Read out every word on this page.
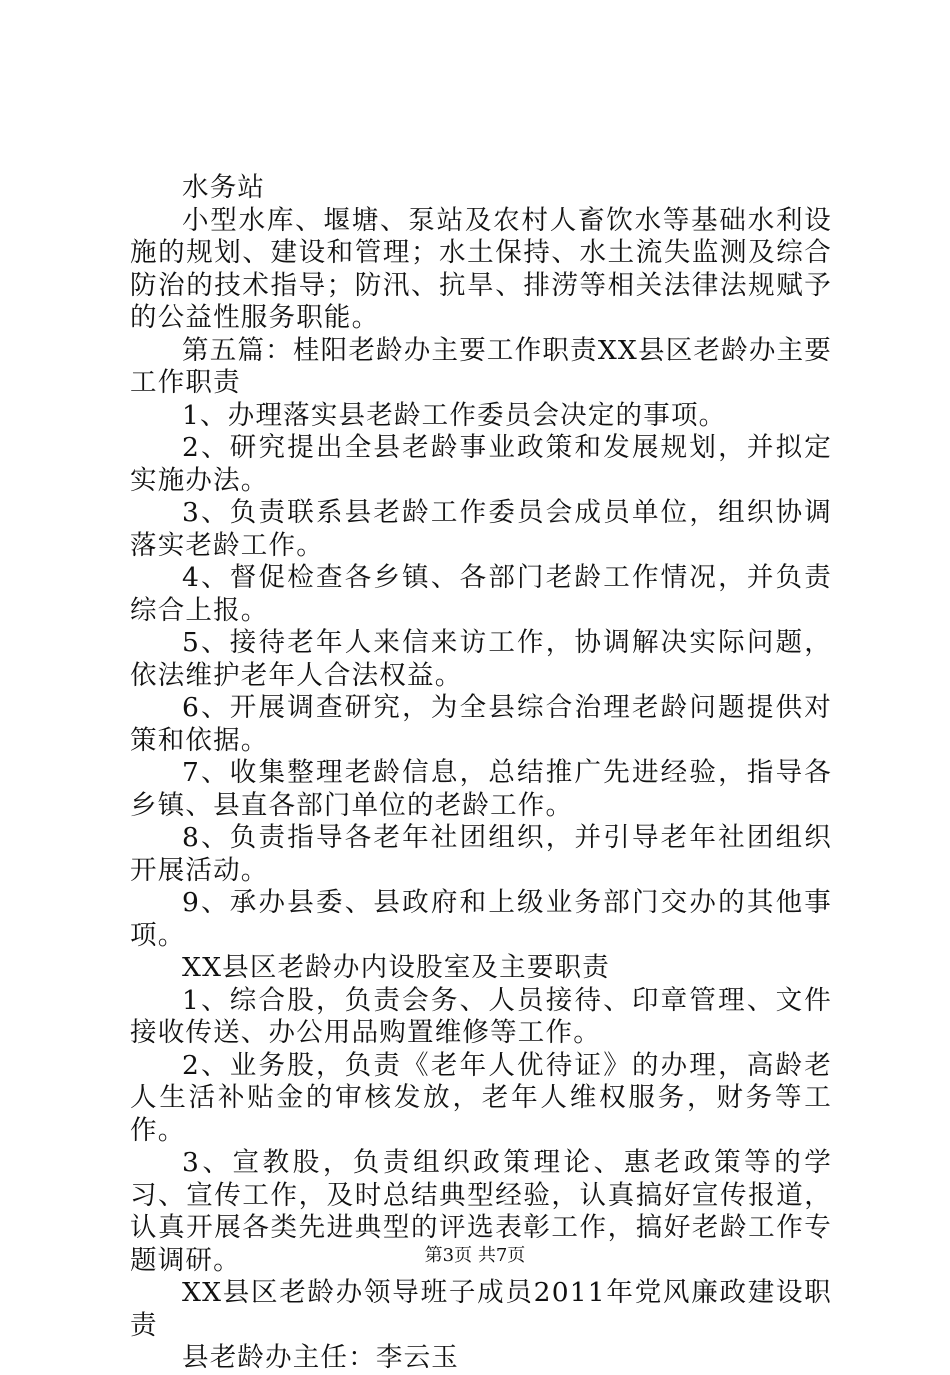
水务站

小型水库、堰塘、泵站及农村人畜饮水等基础水利设施的规划、建设和管理；水土保持、水土流失监测及综合防治的技术指导；防汛、抗旱、排涝等相关法律法规赋予的公益性服务职能。

第五篇：桂阳老龄办主要工作职责XX县区老龄办主要工作职责

1、办理落实县老龄工作委员会决定的事项。

2、研究提出全县老龄事业政策和发展规划，并拟定实施办法。

3、负责联系县老龄工作委员会成员单位，组织协调落实老龄工作。

4、督促检查各乡镇、各部门老龄工作情况，并负责综合上报。

5、接待老年人来信来访工作，协调解决实际问题，依法维护老年人合法权益。

6、开展调查研究，为全县综合治理老龄问题提供对策和依据。

7、收集整理老龄信息，总结推广先进经验，指导各乡镇、县直各部门单位的老龄工作。

8、负责指导各老年社团组织，并引导老年社团组织开展活动。

9、承办县委、县政府和上级业务部门交办的其他事项。

XX县区老龄办内设股室及主要职责

1、综合股，负责会务、人员接待、印章管理、文件接收传送、办公用品购置维修等工作。

2、业务股，负责《老年人优待证》的办理，高龄老人生活补贴金的审核发放，老年人维权服务，财务等工作。

3、宣教股，负责组织政策理论、惠老政策等的学习、宣传工作，及时总结典型经验，认真搞好宣传报道，认真开展各类先进典型的评选表彰工作，搞好老龄工作专题调研。

XX县区老龄办领导班子成员2011年党风廉政建设职责

县老龄办主任：李云玉

第3页 共7页
